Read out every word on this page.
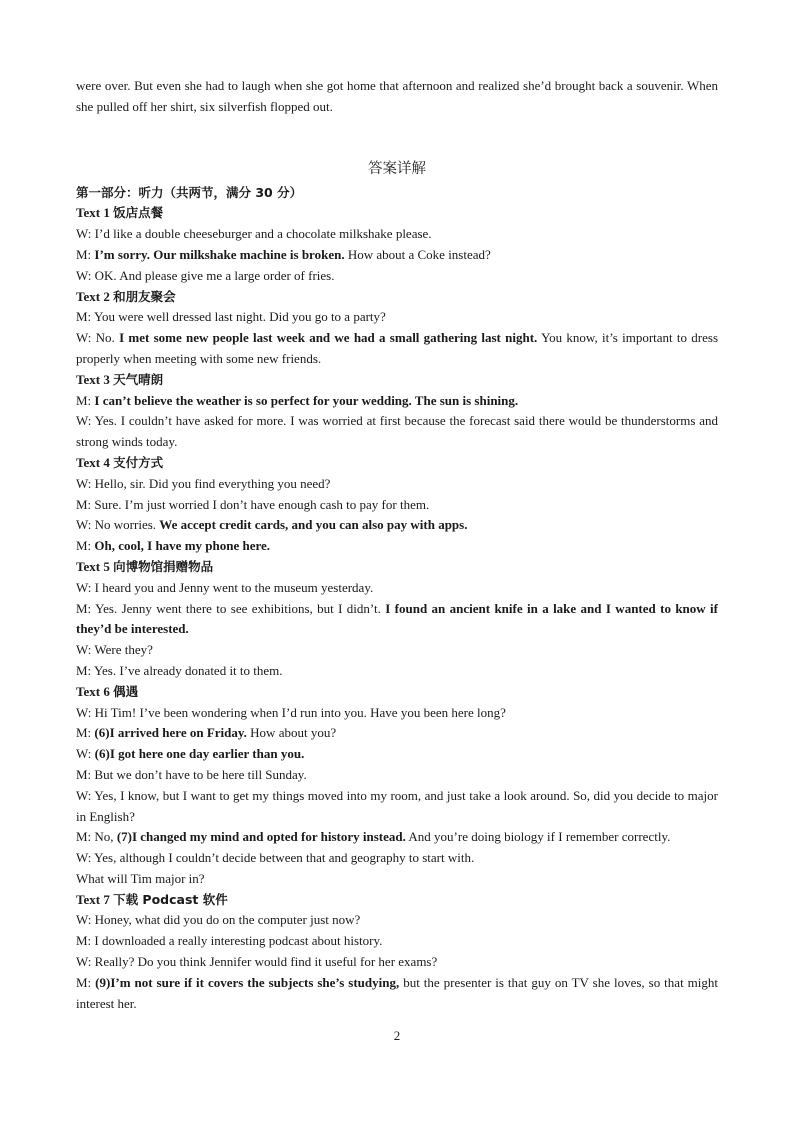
were over. But even she had to laugh when she got home that afternoon and realized she’d brought back a souvenir. When she pulled off her shirt, six silverfish flopped out.

答案详解

第一部分：听力（共两节，满分 30 分）

Text 1 饭店点餐

W: I’d like a double cheeseburger and a chocolate milkshake please.

M: I’m sorry. Our milkshake machine is broken. How about a Coke instead?

W: OK. And please give me a large order of fries.

Text 2 和朋友聚会

M: You were well dressed last night. Did you go to a party?

W: No. I met some new people last week and we had a small gathering last night. You know, it’s important to dress properly when meeting with some new friends.

Text 3 天气晴朗

M: I can’t believe the weather is so perfect for your wedding. The sun is shining.

W: Yes. I couldn’t have asked for more. I was worried at first because the forecast said there would be thunderstorms and strong winds today.

Text 4 支付方式

W: Hello, sir. Did you find everything you need?

M: Sure. I’m just worried I don’t have enough cash to pay for them.

W: No worries. We accept credit cards, and you can also pay with apps.

M: Oh, cool, I have my phone here.

Text 5 向博物馆捐赠物品

W: I heard you and Jenny went to the museum yesterday.

M: Yes. Jenny went there to see exhibitions, but I didn’t. I found an ancient knife in a lake and I wanted to know if they’d be interested.

W: Were they?

M: Yes. I’ve already donated it to them.

Text 6 偶遇

W: Hi Tim! I’ve been wondering when I’d run into you. Have you been here long?

M: (6)I arrived here on Friday. How about you?

W: (6)I got here one day earlier than you.

M: But we don’t have to be here till Sunday.

W: Yes, I know, but I want to get my things moved into my room, and just take a look around. So, did you decide to major in English?

M: No, (7)I changed my mind and opted for history instead. And you’re doing biology if I remember correctly.

W: Yes, although I couldn’t decide between that and geography to start with.

What will Tim major in?

Text 7 下载 Podcast 软件

W: Honey, what did you do on the computer just now?

M: I downloaded a really interesting podcast about history.

W: Really? Do you think Jennifer would find it useful for her exams?

M: (9)I’m not sure if it covers the subjects she’s studying, but the presenter is that guy on TV she loves, so that might interest her.

2
